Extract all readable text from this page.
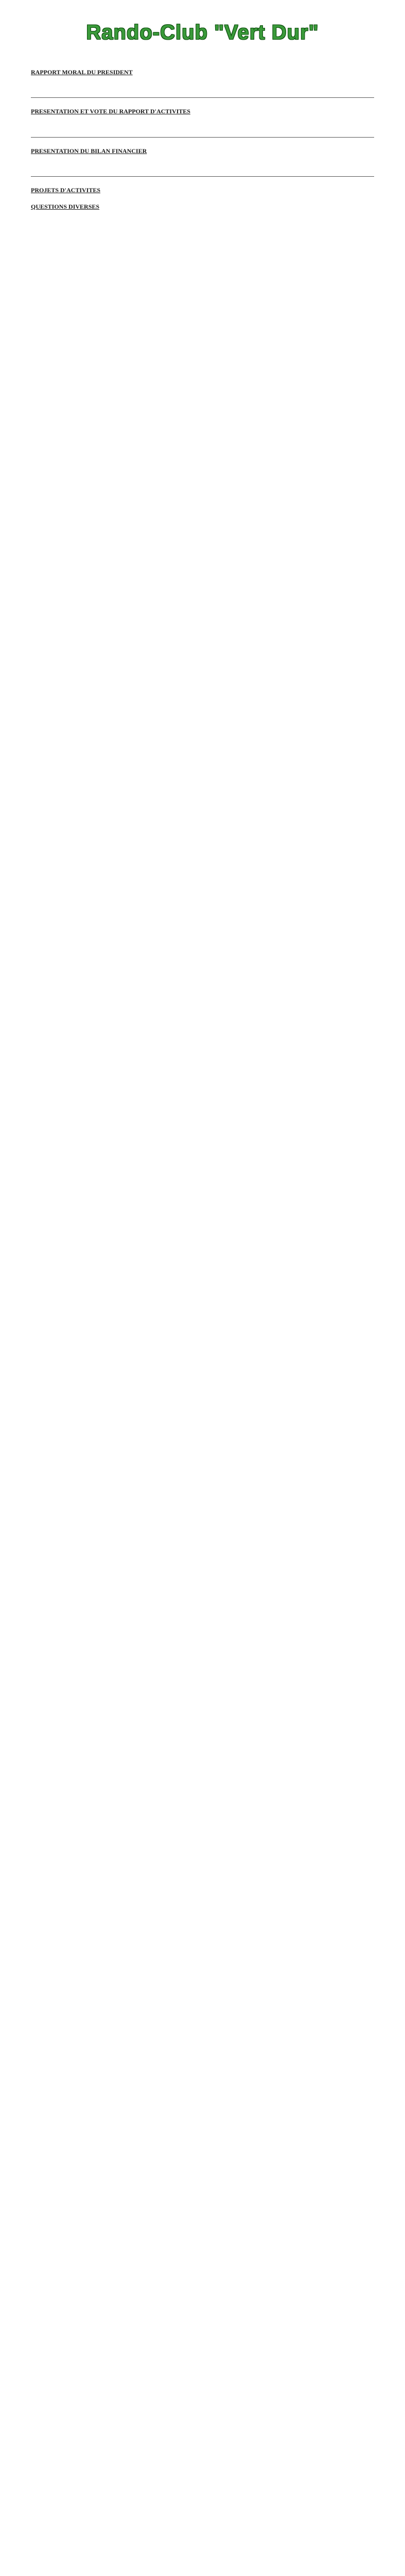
Rando-Club "Vert Dur"
RAPPORT MORAL DU PRESIDENT
PRESENTATION ET VOTE DU RAPPORT D'ACTIVITES
PRESENTATION DU BILAN FINANCIER
PROJETS D'ACTIVITES
QUESTIONS DIVERSES
